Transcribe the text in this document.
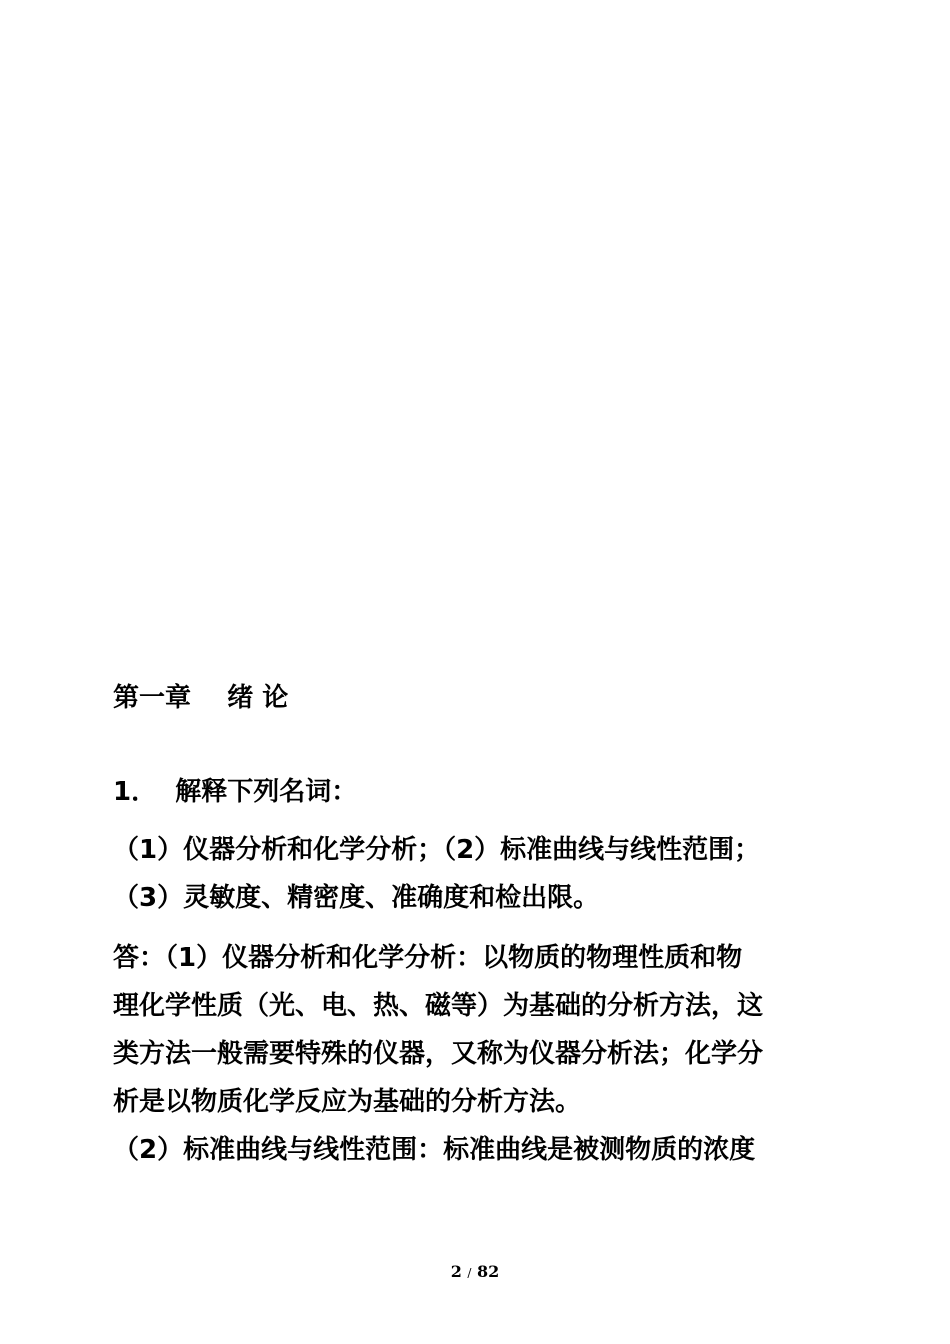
第一章    绪 论
1．  解释下列名词：
（1）仪器分析和化学分析；（2）标准曲线与线性范围；
（3）灵敏度、精密度、准确度和检出限。
答：（1）仪器分析和化学分析：以物质的物理性质和物
理化学性质（光、电、热、磁等）为基础的分析方法，这
类方法一般需要特殊的仪器，又称为仪器分析法；化学分
析是以物质化学反应为基础的分析方法。
（2）标准曲线与线性范围：标准曲线是被测物质的浓度
2 / 82
